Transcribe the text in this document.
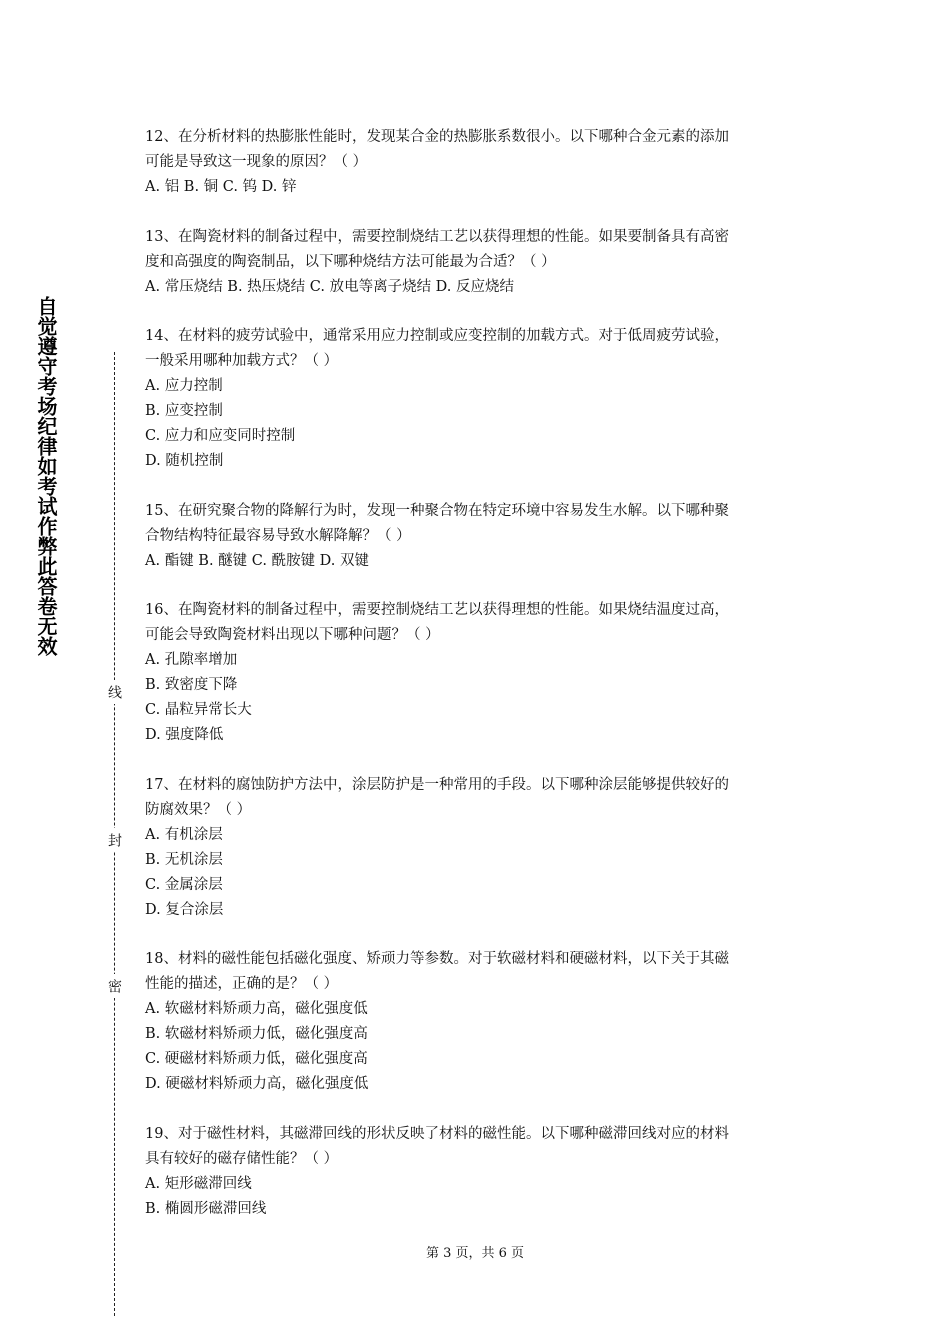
自觉遵守考场纪律如考试作弊此答卷无效
线
封
密
12、在分析材料的热膨胀性能时，发现某合金的热膨胀系数很小。以下哪种合金元素的添加
可能是导致这一现象的原因？（ ）
A. 铝 B. 铜 C. 钨 D. 锌
13、在陶瓷材料的制备过程中，需要控制烧结工艺以获得理想的性能。如果要制备具有高密
度和高强度的陶瓷制品，以下哪种烧结方法可能最为合适？（ ）
A. 常压烧结 B. 热压烧结 C. 放电等离子烧结 D. 反应烧结
14、在材料的疲劳试验中，通常采用应力控制或应变控制的加载方式。对于低周疲劳试验，
一般采用哪种加载方式？（ ）
A. 应力控制
B. 应变控制
C. 应力和应变同时控制
D. 随机控制
15、在研究聚合物的降解行为时，发现一种聚合物在特定环境中容易发生水解。以下哪种聚
合物结构特征最容易导致水解降解？（ ）
A. 酯键 B. 醚键 C. 酰胺键 D. 双键
16、在陶瓷材料的制备过程中，需要控制烧结工艺以获得理想的性能。如果烧结温度过高，
可能会导致陶瓷材料出现以下哪种问题？（ ）
A. 孔隙率增加
B. 致密度下降
C. 晶粒异常长大
D. 强度降低
17、在材料的腐蚀防护方法中，涂层防护是一种常用的手段。以下哪种涂层能够提供较好的
防腐效果？（ ）
A. 有机涂层
B. 无机涂层
C. 金属涂层
D. 复合涂层
18、材料的磁性能包括磁化强度、矫顽力等参数。对于软磁材料和硬磁材料，以下关于其磁
性能的描述，正确的是？（ ）
A. 软磁材料矫顽力高，磁化强度低
B. 软磁材料矫顽力低，磁化强度高
C. 硬磁材料矫顽力低，磁化强度高
D. 硬磁材料矫顽力高，磁化强度低
19、对于磁性材料，其磁滞回线的形状反映了材料的磁性能。以下哪种磁滞回线对应的材料
具有较好的磁存储性能？（ ）
A. 矩形磁滞回线
B. 椭圆形磁滞回线
第 3 页，共 6 页
